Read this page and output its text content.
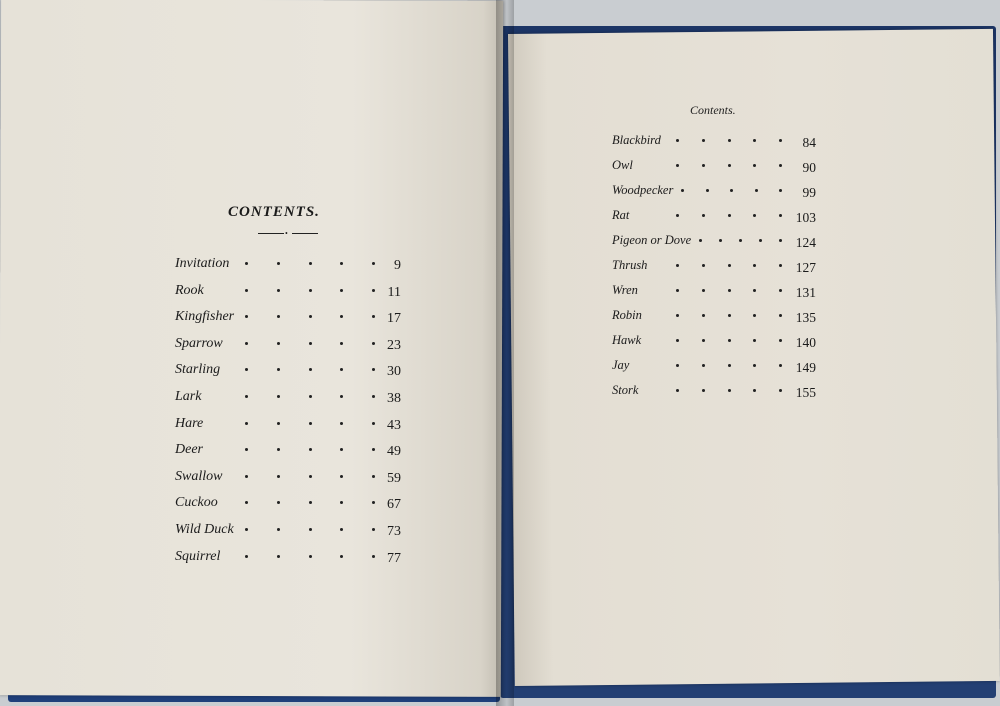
CONTENTS.
•
Invitation	9
Rook	11
Kingfisher	17
Sparrow	23
Starling	30
Lark	38
Hare	43
Deer	49
Swallow	59
Cuckoo	67
Wild Duck	73
Squirrel	77
Contents.
Blackbird	84
Owl	90
Woodpecker	99
Rat	103
Pigeon or Dove	124
Thrush	127
Wren	131
Robin	135
Hawk	140
Jay	149
Stork	155
